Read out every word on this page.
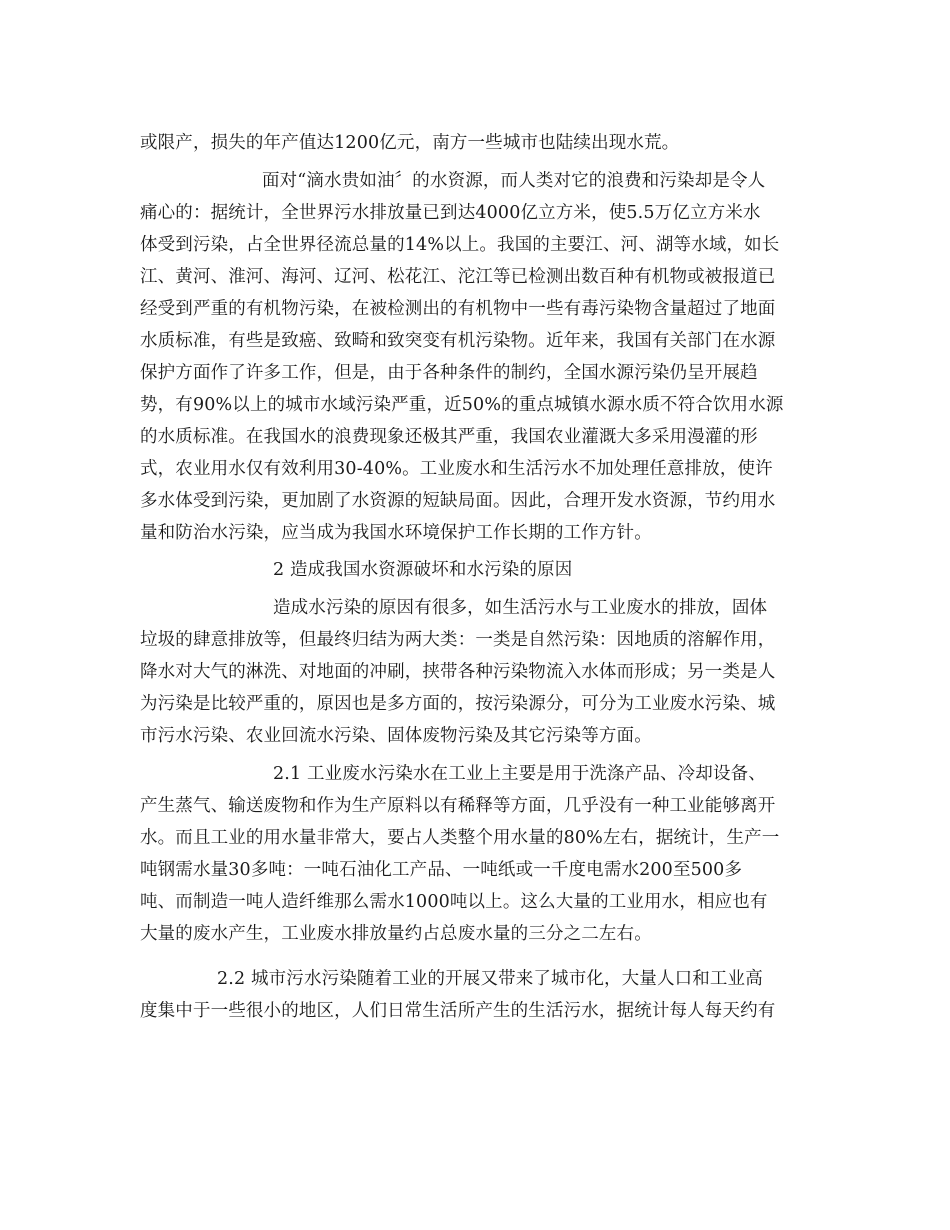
或限产，损失的年产值达1200亿元，南方一些城市也陆续出现水荒。

面对“滴水贵如油〞的水资源，而人类对它的浪费和污染却是令人

痛心的：据统计，全世界污水排放量已到达4000亿立方米，使5.5万亿立方米水

体受到污染，占全世界径流总量的14%以上。我国的主要江、河、湖等水域，如长

江、黄河、淮河、海河、辽河、松花江、沱江等已检测出数百种有机物或被报道已

经受到严重的有机物污染，在被检测出的有机物中一些有毒污染物含量超过了地面

水质标准，有些是致癌、致畸和致突变有机污染物。近年来，我国有关部门在水源

保护方面作了许多工作，但是，由于各种条件的制约，全国水源污染仍呈开展趋

势，有90%以上的城市水域污染严重，近50%的重点城镇水源水质不符合饮用水源

的水质标准。在我国水的浪费现象还极其严重，我国农业灌溉大多采用漫灌的形

式，农业用水仅有效利用30-40%。工业废水和生活污水不加处理任意排放，使许

多水体受到污染，更加剧了水资源的短缺局面。因此，合理开发水资源，节约用水

量和防治水污染，应当成为我国水环境保护工作长期的工作方针。

2 造成我国水资源破坏和水污染的原因

造成水污染的原因有很多，如生活污水与工业废水的排放，固体

垃圾的肆意排放等，但最终归结为两大类：一类是自然污染：因地质的溶解作用，

降水对大气的淋洗、对地面的冲刷，挟带各种污染物流入水体而形成；另一类是人

为污染是比较严重的，原因也是多方面的，按污染源分，可分为工业废水污染、城

市污水污染、农业回流水污染、固体废物污染及其它污染等方面。

2.1 工业废水污染水在工业上主要是用于洗涤产品、冷却设备、

产生蒸气、输送废物和作为生产原料以有稀释等方面，几乎没有一种工业能够离开

水。而且工业的用水量非常大，要占人类整个用水量的80%左右，据统计，生产一

吨钢需水量30多吨：一吨石油化工产品、一吨纸或一千度电需水200至500多

吨、而制造一吨人造纤维那么需水1000吨以上。这么大量的工业用水，相应也有

大量的废水产生，工业废水排放量约占总废水量的三分之二左右。

2.2 城市污水污染随着工业的开展又带来了城市化，大量人口和工业高

度集中于一些很小的地区，人们日常生活所产生的生活污水，据统计每人每天约有
